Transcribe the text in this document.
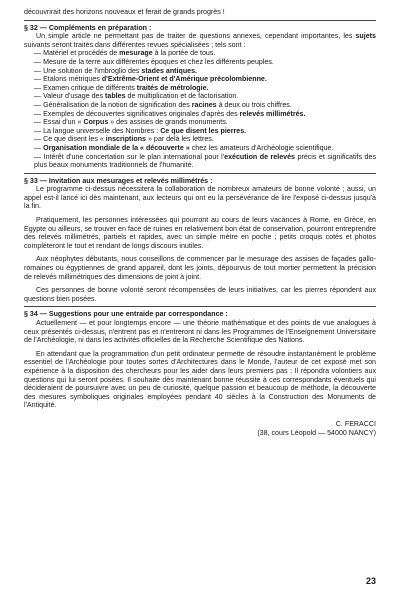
découvrirait des horizons nouveaux et ferait de grands progrès !

§ 32 — Compléments en préparation :

Un simple article ne permettant pas de traiter de questions annexes, cependant importantes, les sujets suivants seront traités dans différentes revues spécialisées ; tels sont :

— Matériel et procédés de mesurage à la portée de tous.
— Mesure de la terre aux différentes époques et chez les différents peuples.
— Une solution de l'imbroglio des stades antiques.
— Etalons métriques d'Extrême-Orient et d'Amérique précolombienne.
— Examen critique de différents traités de métrologie.
— Valeur d'usage des tables de multiplication et de factorisation.
— Généralisation de la notion de signification des racines à deux ou trois chiffres.
— Exemples de découvertes significatives originales d'après des relevés millimétrés.
— Essai d'un « Corpus » des assises de grands monuments.
— La langue universelle des Nombres : Ce que disent les pierres.
— Ce que disent les « inscriptions » par delà les lettres.
— Organisation mondiale de la « découverte » chez les amateurs d'Archéologie scientifique.
— Intérêt d'une concertation sur le plan international pour l'exécution de relevés précis et significatifs des plus beaux monuments traditionnels de l'humanité.

§ 33 — Invitation aux mesurages et relevés millimétrés :

Le programme ci-dessus nécessitera la collaboration de nombreux amateurs de bonne volonté ; aussi, un appel est-il lancé ici dès maintenant, aux lecteurs qui ont eu la persévérance de lire l'exposé ci-dessus jusqu'à la fin.

Pratiquement, les personnes intéressées qui pourront au cours de leurs vacances à Rome, en Grèce, en Egypte ou ailleurs, se trouver en face de ruines en relativement bon état de conservation, pourront entreprendre des relevés millimétrés, partiels et rapides, avec un simple mètre en poche ; petits croquis cotés et photos compléteront le tout et rendant de longs discours inutiles.

Aux néophytes débutants, nous conseillons de commencer par le mesurage des assises de façades gallo-romaines ou égyptiennes de grand appareil, dont les joints, dépourvus de tout mortier permettent la précision de relevés millimétriques des dimensions de joint à joint.

Ces personnes de bonne volonté seront récompensées de leurs initiatives, car les pierres répondent aux questions bien posées.

§ 34 — Suggestions pour une entraide par correspondance :

Actuellement — et pour longtemps encore — une théorie mathématique et des points de vue analogues à ceux présentés ci-dessus, n'entrent pas et n'entreront ni dans les Programmes de l'Enseignement Universitaire de l'Archéologie, ni dans les activités officielles de la Recherche Scientifique des Nations.

En attendant que la programmation d'un petit ordinateur permette de résoudre instantanément le problème essentiel de l'Archéologie pour toutes sortes d'Architectures dans le Monde, l'auteur de cet exposé met son expérience à la disposition des chercheurs pour les aider dans leurs premiers pas : Il répondra volontiers aux questions qui lui seront posées. Il souhaite dès maintenant bonne réussite à ces correspondants éventuels qui décideraient de poursuivre avec un peu de curiosité, quelque passion et beaucoup de méthode, la découverte des mesures symboliques originales employées pendant 40 siècles à la Construction des Monuments de l'Antiquité.

C. FERACCI

(38, cours Léopold — 54000 NANCY)

23
